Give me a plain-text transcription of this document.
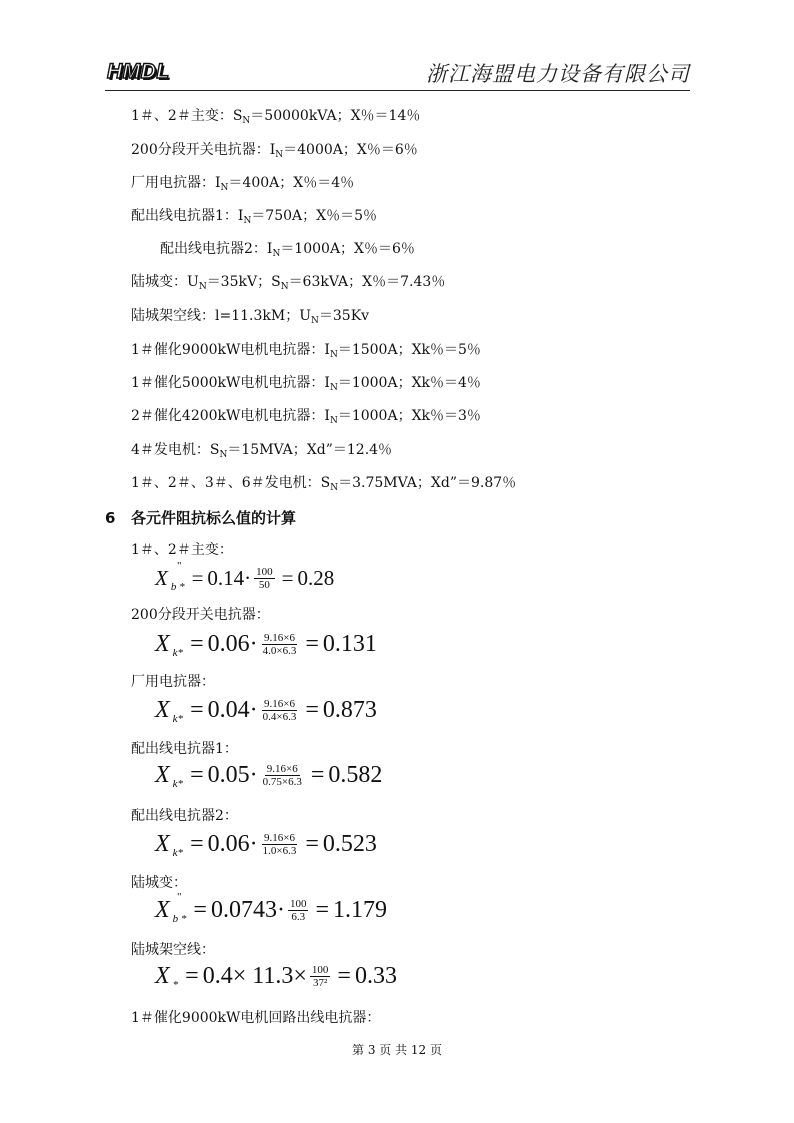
HMDL	浙江海盟电力设备有限公司
1＃、2＃主变：$S_N=50000kVA$；X％＝14％
200分段开关电抗器：$I_N=4000A$；X％＝6％
厂用电抗器：$I_N=400A$；X％＝4％
配出线电抗器1：$I_N=750A$；X％＝5％
配出线电抗器2：$I_N=1000A$；X％＝6％
陆城变：$U_N=35kV$；$S_N=63kVA$；X％＝7.43％
陆城架空线：l=11.3kM；$U_N=35Kv$
1＃催化9000kW电机电抗器：$I_N=1500A$；Xk％＝5％
1＃催化5000kW电机电抗器：$I_N=1000A$；Xk％＝4％
2＃催化4200kW电机电抗器：$I_N=1000A$；Xk％＝3％
4＃发电机：$S_N=15MVA$；Xd”＝12.4％
1＃、2＃、3＃、6＃发电机：$S_N=3.75MVA$；Xd”＝9.87％
6 各元件阻抗标么值的计算
1＃、2＃主变：
X "
b * = $0.14 \cdot \frac{100}{50} = 0.28$
200分段开关电抗器：
X $k* = 0.06 \cdot \frac{9.16\times 6}{4.0\times 6.3} = 0.131$
厂用电抗器：
X $k* = 0.04 \cdot \frac{9.16\times 6}{0.4\times 6.3} = 0.873$
配出线电抗器1：
X $k* = 0.05 \cdot \frac{9.16\times 6}{0.75\times 6.3} = 0.582$
配出线电抗器2：
X $k* = 0.06 \cdot \frac{9.16\times 6}{1.0\times 6.3} = 0.523$
陆城变：
X "
b * = $0.0743 \cdot \frac{100}{6.3} = 1.179$
陆城架空线：
X * = $0.4\times 11.3 \times \frac{100}{\text{37²}} = 0.33$
1＃催化9000kW电机回路出线电抗器：
第 3 页 共 12 页
